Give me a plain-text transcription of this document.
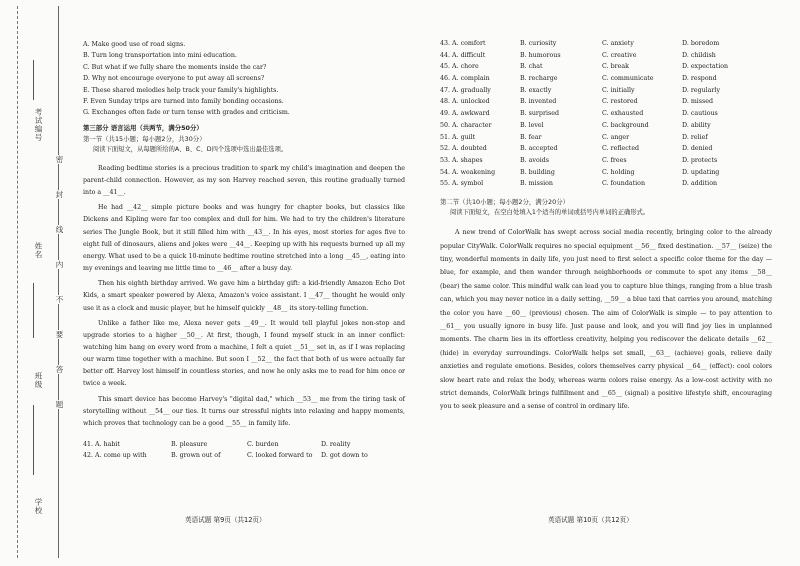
考试编号
姓名
班级
学校
密
封
线
内
不
要
答
题
A. Make good use of road signs.
B. Turn long transportation into mini education.
C. But what if we fully share the moments inside the car?
D. Why not encourage everyone to put away all screens?
E. These shared melodies help track your family's highlights.
F. Even Sunday trips are turned into family bonding occasions.
G. Exchanges often fade or turn tense with grades and criticism.
第三部分 语言运用（共两节，满分50分）
第一节（共15小题；每小题2分，共30分）
阅读下面短文，从每题所给的A、B、C、D四个选项中选出最佳选项。

Reading bedtime stories is a precious tradition to spark my child's imagination and deepen the parent-child connection. However, as my son Harvey reached seven, this routine gradually turned into a __41__.

He had __42__ simple picture books and was hungry for chapter books, but classics like Dickens and Kipling were far too complex and dull for him. We had to try the children's literature series The Jungle Book, but it still filled him with __43__. In his eyes, most stories for ages five to eight full of dinosaurs, aliens and jokes were __44__. Keeping up with his requests burned up all my energy. What used to be a quick 10-minute bedtime routine stretched into a long __45__, eating into my evenings and leaving me little time to __46__ after a busy day.

Then his eighth birthday arrived. We gave him a birthday gift: a kid-friendly Amazon Echo Dot Kids, a smart speaker powered by Alexa, Amazon's voice assistant. I __47__ thought he would only use it as a clock and music player, but he himself quickly __48__ its story-telling function.

Unlike a father like me, Alexa never gets __49__. It would tell playful jokes non-stop and upgrade stories to a higher __50__. At first, though, I found myself stuck in an inner conflict: watching him hang on every word from a machine, I felt a quiet __51__ set in, as if I was replacing our warm time together with a machine. But soon I __52__ the fact that both of us were actually far better off. Harvey lost himself in countless stories, and now he only asks me to read for him once or twice a week.

This smart device has become Harvey's "digital dad," which __53__ me from the tiring task of storytelling without __54__ our ties. It turns our stressful nights into relaxing and happy moments, which proves that technology can be a good __55__ in family life.

41. A. habit	B. pleasure	C. burden	D. reality
42. A. come up with	B. grown out of	C. looked forward to	D. got down to
英语试题 第9页（共12页）
43. A. comfort	B. curiosity	C. anxiety	D. boredom
44. A. difficult	B. humorous	C. creative	D. childish
45. A. chore	B. chat	C. break	D. expectation
46. A. complain	B. recharge	C. communicate	D. respond
47. A. gradually	B. exactly	C. initially	D. regularly
48. A. unlocked	B. invented	C. restored	D. missed
49. A. awkward	B. surprised	C. exhausted	D. cautious
50. A. character	B. level	C. background	D. ability
51. A. guilt	B. fear	C. anger	D. relief
52. A. doubted	B. accepted	C. reflected	D. denied
53. A. shapes	B. avoids	C. frees	D. protects
54. A. weakening	B. building	C. holding	D. updating
55. A. symbol	B. mission	C. foundation	D. addition
第二节（共10小题；每小题2分，满分20分）
阅读下面短文，在空白处填入1个适当的单词或括号内单词的正确形式。

A new trend of ColorWalk has swept across social media recently, bringing color to the already popular CityWalk. ColorWalk requires no special equipment __56__ fixed destination. __57__ (seize) the tiny, wonderful moments in daily life, you just need to first select a specific color theme for the day — blue, for example, and then wander through neighborhoods or commute to spot any items __58__ (bear) the same color. This mindful walk can lead you to capture blue things, ranging from a blue trash can, which you may never notice in a daily setting, __59__ a blue taxi that carries you around, matching the color you have __60__ (previous) chosen. The aim of ColorWalk is simple — to pay attention to __61__ you usually ignore in busy life. Just pause and look, and you will find joy lies in unplanned moments. The charm lies in its effortless creativity, helping you rediscover the delicate details __62__ (hide) in everyday surroundings. ColorWalk helps set small, __63__ (achieve) goals, relieve daily anxieties and regulate emotions. Besides, colors themselves carry physical __64__ (effect): cool colors slow heart rate and relax the body, whereas warm colors raise energy. As a low-cost activity with no strict demands, ColorWalk brings fulfillment and __65__ (signal) a positive lifestyle shift, encouraging you to seek pleasure and a sense of control in ordinary life.

英语试题 第10页（共12页）
